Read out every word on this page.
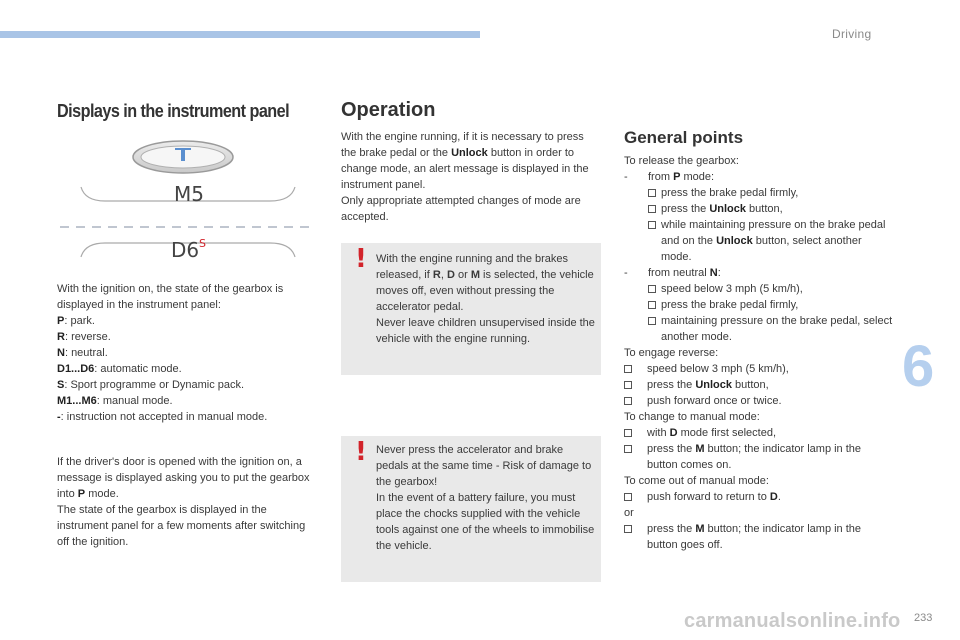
Driving
6
233
carmanualsonline.info
Displays in the instrument panel
M5
D6 S

With the ignition on, the state of the gearbox is displayed in the instrument panel:

P: park.

R: reverse.

N: neutral.

D1...D6: automatic mode.

S: Sport programme or Dynamic pack.

M1...M6: manual mode.

-: instruction not accepted in manual mode.

If the driver's door is opened with the ignition on, a message is displayed asking you to put the gearbox into P mode.

The state of the gearbox is displayed in the instrument panel for a few moments after switching off the ignition.

Operation

With the engine running, if it is necessary to press the brake pedal or the Unlock button in order to change mode, an alert message is displayed in the instrument panel.

Only appropriate attempted changes of mode are accepted.

! With the engine running and the brakes released, if R, D or M is selected, the vehicle moves off, even without pressing the accelerator pedal.

Never leave children unsupervised inside the vehicle with the engine running.

! Never press the accelerator and brake pedals at the same time - Risk of damage to the gearbox!

In the event of a battery failure, you must place the chocks supplied with the vehicle tools against one of the wheels to immobilise the vehicle.

General points

To release the gearbox:

- from P mode:

press the brake pedal firmly,

press the Unlock button,

while maintaining pressure on the brake pedal and on the Unlock button, select another mode.

- from neutral N:

speed below 3 mph (5 km/h),

press the brake pedal firmly,

maintaining pressure on the brake pedal, select another mode.

To engage reverse:

speed below 3 mph (5 km/h),

press the Unlock button,

push forward once or twice.

To change to manual mode:

with D mode first selected,

press the M button; the indicator lamp in the button comes on.

To come out of manual mode:

push forward to return to D.

or

press the M button; the indicator lamp in the button goes off.
